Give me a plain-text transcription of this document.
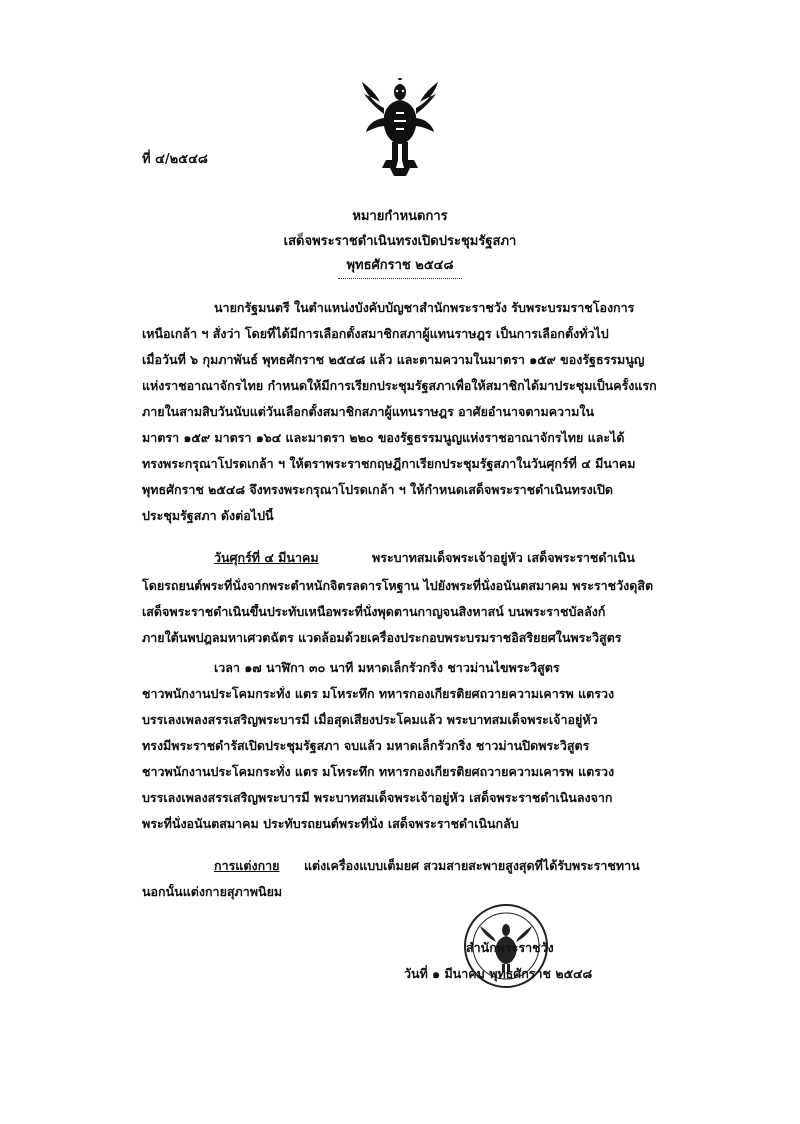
ที่ ๔/๒๕๔๘
หมายกำหนดการ
เสด็จพระราชดำเนินทรงเปิดประชุมรัฐสภา
พุทธศักราช ๒๕๔๘
นายกรัฐมนตรี ในตำแหน่งบังคับบัญชาสำนักพระราชวัง รับพระบรมราชโองการ
เหนือเกล้า ฯ สั่งว่า โดยที่ได้มีการเลือกตั้งสมาชิกสภาผู้แทนราษฎร เป็นการเลือกตั้งทั่วไป
เมื่อวันที่ ๖ กุมภาพันธ์ พุทธศักราช ๒๕๔๘ แล้ว และตามความในมาตรา ๑๕๙ ของรัฐธรรมนูญ
แห่งราชอาณาจักรไทย กำหนดให้มีการเรียกประชุมรัฐสภาเพื่อให้สมาชิกได้มาประชุมเป็นครั้งแรก
ภายในสามสิบวันนับแต่วันเลือกตั้งสมาชิกสภาผู้แทนราษฎร อาศัยอำนาจตามความใน
มาตรา ๑๕๙ มาตรา ๑๖๔ และมาตรา ๒๒๐ ของรัฐธรรมนูญแห่งราชอาณาจักรไทย และได้
ทรงพระกรุณาโปรดเกล้า ฯ ให้ตราพระราชกฤษฎีกาเรียกประชุมรัฐสภาในวันศุกร์ที่ ๔ มีนาคม
พุทธศักราช ๒๕๔๘ จึงทรงพระกรุณาโปรดเกล้า ฯ ให้กำหนดเสด็จพระราชดำเนินทรงเปิด
ประชุมรัฐสภา ดังต่อไปนี้
วันศุกร์ที่ ๔ มีนาคม	พระบาทสมเด็จพระเจ้าอยู่หัว เสด็จพระราชดำเนิน
โดยรถยนต์พระที่นั่งจากพระตำหนักจิตรลดารโหฐาน ไปยังพระที่นั่งอนันตสมาคม พระราชวังดุสิต
เสด็จพระราชดำเนินขึ้นประทับเหนือพระที่นั่งพุดตานกาญจนสิงหาสน์ บนพระราชบัลลังก์
ภายใต้นพปฎลมหาเศวตฉัตร แวดล้อมด้วยเครื่องประกอบพระบรมราชอิสริยยศในพระวิสูตร
เวลา ๑๗ นาฬิกา ๓๐ นาที มหาดเล็กรัวกริ่ง ชาวม่านไขพระวิสูตร
ชาวพนักงานประโคมกระทั่ง แตร มโหระทึก ทหารกองเกียรติยศถวายความเคารพ แตรวง
บรรเลงเพลงสรรเสริญพระบารมี เมื่อสุดเสียงประโคมแล้ว พระบาทสมเด็จพระเจ้าอยู่หัว
ทรงมีพระราชดำรัสเปิดประชุมรัฐสภา จบแล้ว มหาดเล็กรัวกริ่ง ชาวม่านปิดพระวิสูตร
ชาวพนักงานประโคมกระทั่ง แตร มโหระทึก ทหารกองเกียรติยศถวายความเคารพ แตรวง
บรรเลงเพลงสรรเสริญพระบารมี พระบาทสมเด็จพระเจ้าอยู่หัว เสด็จพระราชดำเนินลงจาก
พระที่นั่งอนันตสมาคม ประทับรถยนต์พระที่นั่ง เสด็จพระราชดำเนินกลับ
การแต่งกาย	แต่งเครื่องแบบเต็มยศ สวมสายสะพายสูงสุดที่ได้รับพระราชทาน
นอกนั้นแต่งกายสุภาพนิยม
สำนักพระราชวัง
วันที่ ๑ มีนาคม พุทธศักราช ๒๕๔๘
